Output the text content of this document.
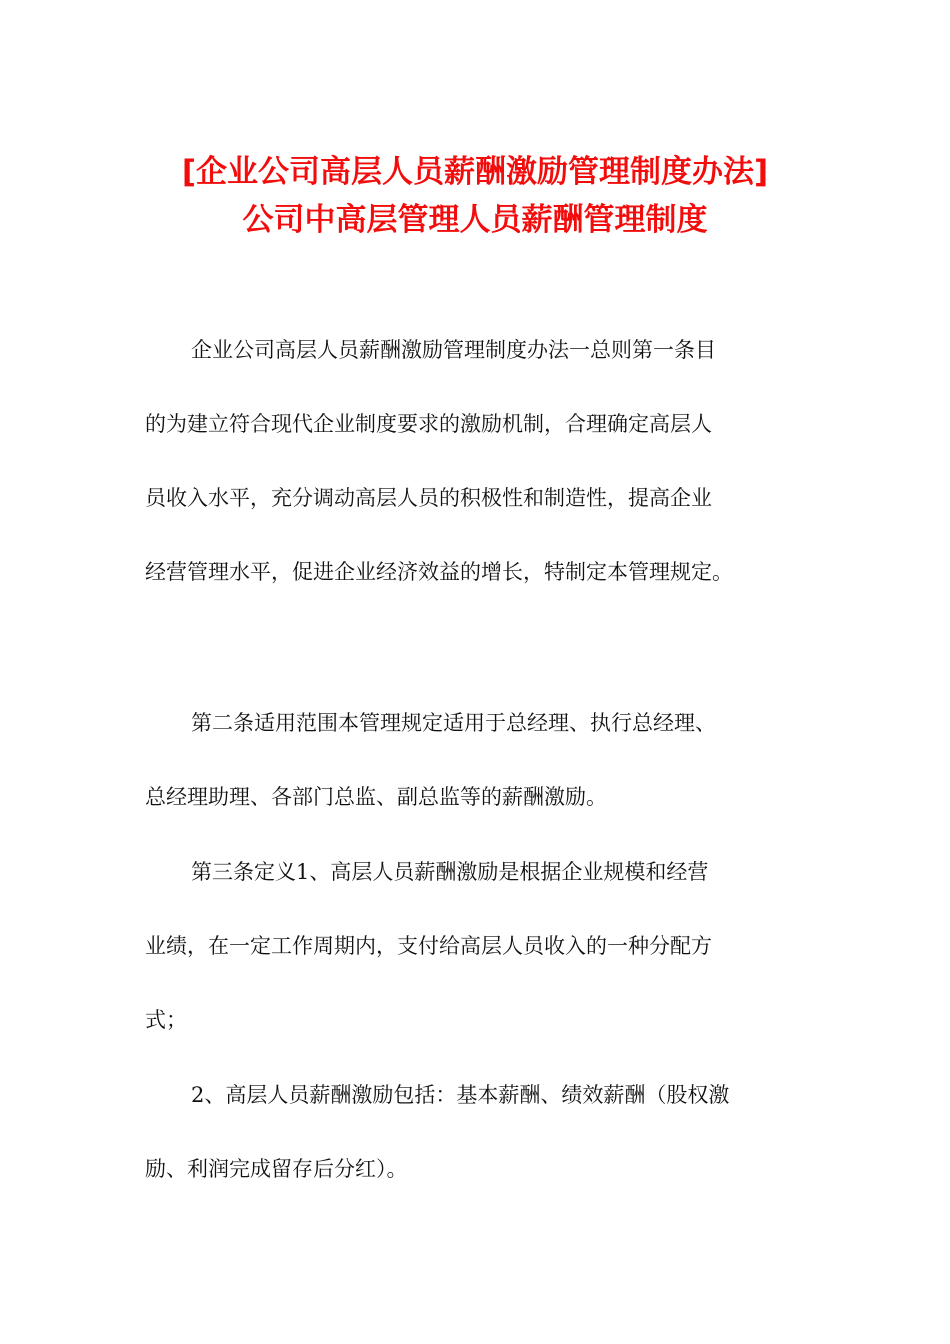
[企业公司高层人员薪酬激励管理制度办法]
公司中高层管理人员薪酬管理制度
企业公司高层人员薪酬激励管理制度办法一总则第一条目
的为建立符合现代企业制度要求的激励机制，合理确定高层人
员收入水平，充分调动高层人员的积极性和制造性，提高企业
经营管理水平，促进企业经济效益的增长，特制定本管理规定。
第二条适用范围本管理规定适用于总经理、执行总经理、
总经理助理、各部门总监、副总监等的薪酬激励。
第三条定义1、高层人员薪酬激励是根据企业规模和经营
业绩，在一定工作周期内，支付给高层人员收入的一种分配方
式；
2、高层人员薪酬激励包括：基本薪酬、绩效薪酬（股权激
励、利润完成留存后分红）。
